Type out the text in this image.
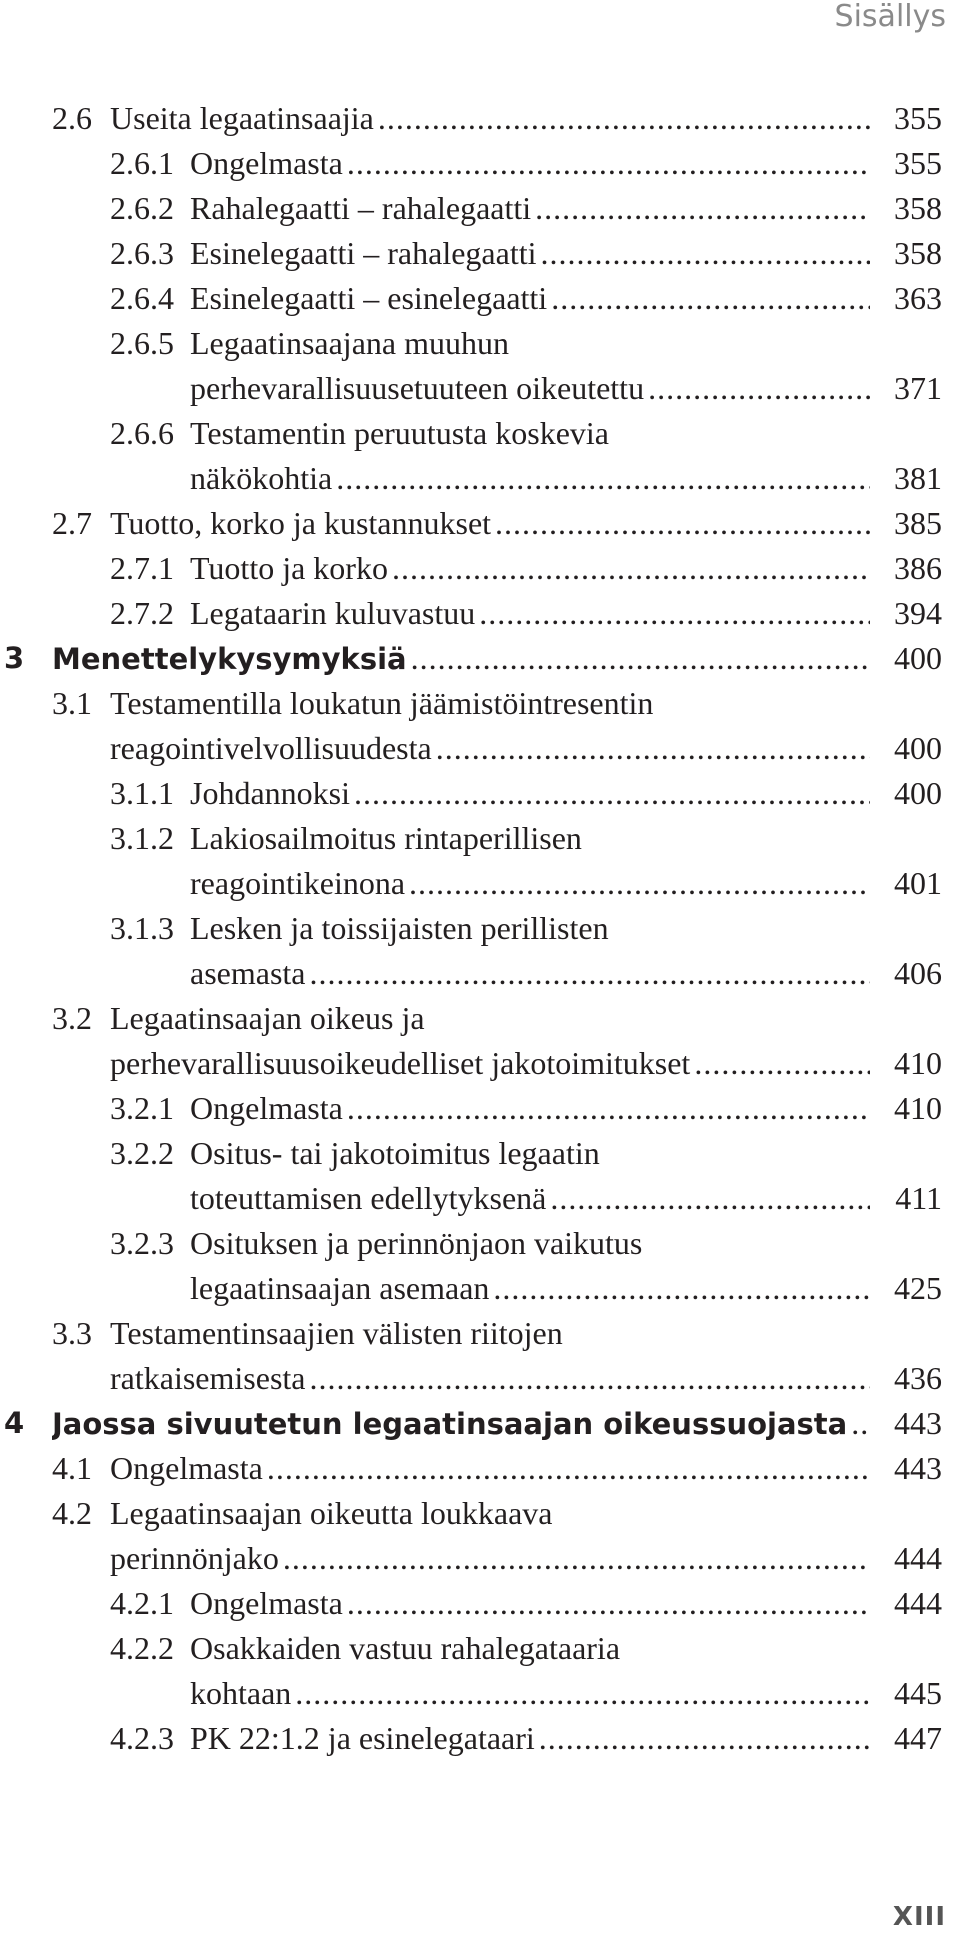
Sisällys
2.6 Useita legaatinsaajia .....	355
2.6.1 Ongelmasta .....	355
2.6.2 Rahalegaatti – rahalegaatti .....	358
2.6.3 Esinelegaatti – rahalegaatti .....	358
2.6.4 Esinelegaatti – esinelegaatti .....	363
2.6.5 Legaatinsaajana muuhun
perhevarallisuusetuuteen oikeutettu .....	371
2.6.6 Testamentin peruutusta koskevia
näkökohtia .....	381
2.7 Tuotto, korko ja kustannukset .....	385
2.7.1 Tuotto ja korko .....	386
2.7.2 Legataarin kuluvastuu .....	394
3 Menettelykysymyksiä .....	400
3.1 Testamentilla loukatun jäämistöintresentin
reagointivelvollisuudesta .....	400
3.1.1 Johdannoksi .....	400
3.1.2 Lakiosailmoitus rintaperillisen
reagointikeinona .....	401
3.1.3 Lesken ja toissijaisten perillisten
asemasta .....	406
3.2 Legaatinsaajan oikeus ja
perhevarallisuusoikeudelliset jakotoimitukset .....	410
3.2.1 Ongelmasta .....	410
3.2.2 Ositus- tai jakotoimitus legaatin
toteuttamisen edellytyksenä .....	411
3.2.3 Osituksen ja perinnönjaon vaikutus
legaatinsaajan asemaan .....	425
3.3 Testamentinsaajien välisten riitojen
ratkaisemisesta .....	436
4 Jaossa sivuutetun legaatinsaajan oikeussuojasta ..... 443
4.1 Ongelmasta .....	443
4.2 Legaatinsaajan oikeutta loukkaava
perinnönjako .....	444
4.2.1 Ongelmasta .....	444
4.2.2 Osakkaiden vastuu rahalegataaria
kohtaan .....	445
4.2.3 PK 22:1.2 ja esinelegataari .....	447
XIII
